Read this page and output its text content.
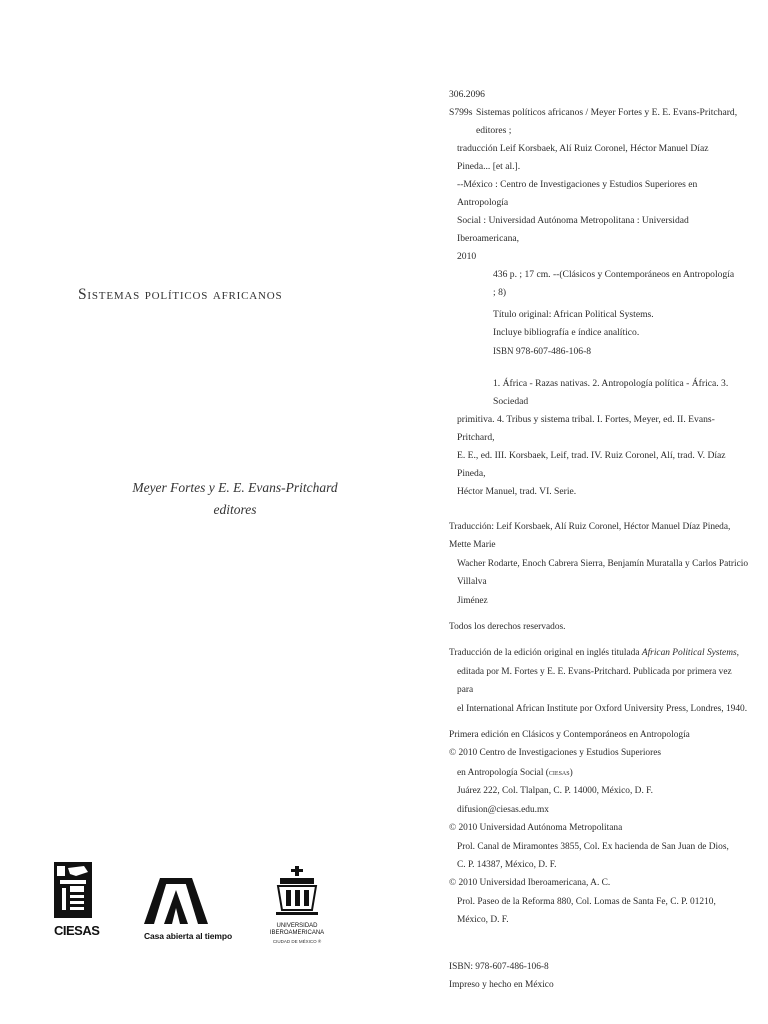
Sistemas políticos africanos
Meyer Fortes y E. E. Evans-Pritchard
editores
CIESAS	Casa abierta al tiempo
UNIVERSIDAD
IBEROAMERICANA
CIUDAD DE MÉXICO ®
306.2096
S799s Sistemas políticos africanos / Meyer Fortes y E. E. Evans-Pritchard, editores ;
traducción Leif Korsbaek, Alí Ruiz Coronel, Héctor Manuel Díaz Pineda... [et al.].
--México : Centro de Investigaciones y Estudios Superiores en Antropología
Social : Universidad Autónoma Metropolitana : Universidad Iberoamericana,
2010
436 p. ; 17 cm. --(Clásicos y Contemporáneos en Antropología ; 8)
Título original: African Political Systems.
Incluye bibliografía e índice analítico.
ISBN 978-607-486-106-8
1. África - Razas nativas. 2. Antropología política - África. 3. Sociedad
primitiva. 4. Tribus y sistema tribal. I. Fortes, Meyer, ed. II. Evans-Pritchard,
E. E., ed. III. Korsbaek, Leif, trad. IV. Ruiz Coronel, Alí, trad. V. Díaz Pineda,
Héctor Manuel, trad. VI. Serie.
Traducción: Leif Korsbaek, Alí Ruiz Coronel, Héctor Manuel Díaz Pineda, Mette Marie
Wacher Rodarte, Enoch Cabrera Sierra, Benjamín Muratalla y Carlos Patricio Villalva
Jiménez
Todos los derechos reservados.
Traducción de la edición original en inglés titulada African Political Systems,
editada por M. Fortes y E. E. Evans-Pritchard. Publicada por primera vez para
el International African Institute por Oxford University Press, Londres, 1940.
Primera edición en Clásicos y Contemporáneos en Antropología
© 2010 Centro de Investigaciones y Estudios Superiores
en Antropología Social (ciesas)
Juárez 222, Col. Tlalpan, C. P. 14000, México, D. F.
difusion@ciesas.edu.mx
© 2010 Universidad Autónoma Metropolitana
Prol. Canal de Miramontes 3855, Col. Ex hacienda de San Juan de Dios,
C. P. 14387, México, D. F.
© 2010 Universidad Iberoamericana, A. C.
Prol. Paseo de la Reforma 880, Col. Lomas de Santa Fe, C. P. 01210,
México, D. F.
ISBN: 978-607-486-106-8
Impreso y hecho en México
